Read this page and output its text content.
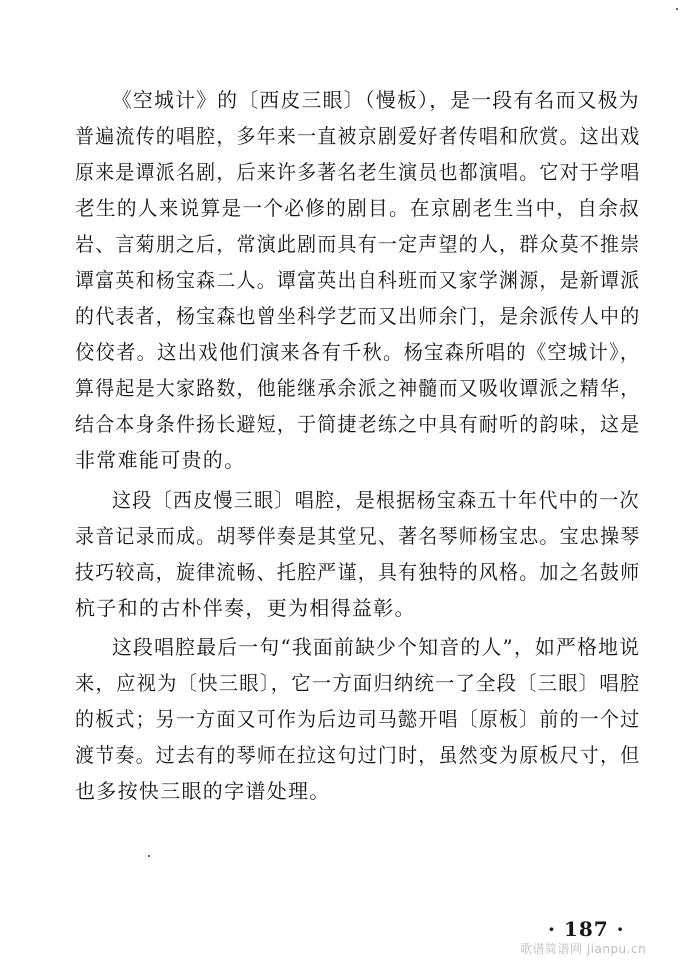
《空城计》的〔西皮三眼〕（慢板），是一段有名而又极为
普遍流传的唱腔，多年来一直被京剧爱好者传唱和欣赏。这出戏
原来是谭派名剧，后来许多著名老生演员也都演唱。它对于学唱
老生的人来说算是一个必修的剧目。在京剧老生当中，自余叔
岩、言菊朋之后，常演此剧而具有一定声望的人，群众莫不推崇
谭富英和杨宝森二人。谭富英出自科班而又家学渊源，是新谭派
的代表者，杨宝森也曾坐科学艺而又出师余门，是余派传人中的
佼佼者。这出戏他们演来各有千秋。杨宝森所唱的《空城计》，
算得起是大家路数，他能继承余派之神髓而又吸收谭派之精华，
结合本身条件扬长避短，于简捷老练之中具有耐听的韵味，这是
非常难能可贵的。
这段〔西皮慢三眼〕唱腔，是根据杨宝森五十年代中的一次
录音记录而成。胡琴伴奏是其堂兄、著名琴师杨宝忠。宝忠操琴
技巧较高，旋律流畅、托腔严谨，具有独特的风格。加之名鼓师
杭子和的古朴伴奏，更为相得益彰。
这段唱腔最后一句“我面前缺少个知音的人”，如严格地说
来，应视为〔快三眼〕，它一方面归纳统一了全段〔三眼〕唱腔
的板式；另一方面又可作为后边司马懿开唱〔原板〕前的一个过
渡节奏。过去有的琴师在拉这句过门时，虽然变为原板尺寸，但
也多按快三眼的字谱处理。
· 187 ·
歌谱简谱网 jianpu.cn
